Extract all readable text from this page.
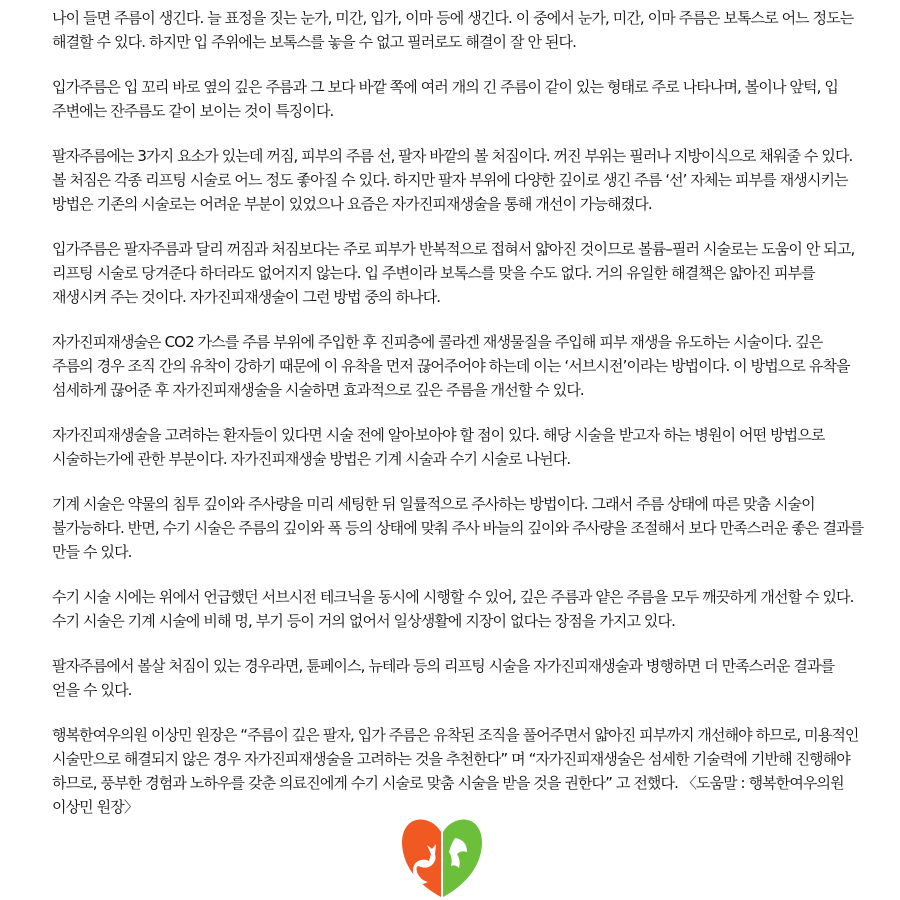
나이 들면 주름이 생긴다. 늘 표정을 짓는 눈가, 미간, 입가, 이마 등에 생긴다. 이 중에서 눈가, 미간, 이마 주름은 보톡스로 어느 정도는 해결할 수 있다. 하지만 입 주위에는 보톡스를 놓을 수 없고 필러로도 해결이 잘 안 된다.

입가주름은 입 꼬리 바로 옆의 깊은 주름과 그 보다 바깥 쪽에 여러 개의 긴 주름이 같이 있는 형태로 주로 나타나며, 볼이나 앞턱, 입 주변에는 잔주름도 같이 보이는 것이 특징이다.

팔자주름에는 3가지 요소가 있는데 꺼짐, 피부의 주름 선, 팔자 바깥의 볼 처짐이다. 꺼진 부위는 필러나 지방이식으로 채워줄 수 있다. 볼 처짐은 각종 리프팅 시술로 어느 정도 좋아질 수 있다. 하지만 팔자 부위에 다양한 깊이로 생긴 주름 ‘선’ 자체는 피부를 재생시키는 방법은 기존의 시술로는 어려운 부분이 있었으나 요즘은 자가진피재생술을 통해 개선이 가능해졌다.

입가주름은 팔자주름과 달리 꺼짐과 처짐보다는 주로 피부가 반복적으로 접혀서 얇아진 것이므로 볼륨–필러 시술로는 도움이 안 되고, 리프팅 시술로 당겨준다 하더라도 없어지지 않는다. 입 주변이라 보톡스를 맞을 수도 없다. 거의 유일한 해결책은 얇아진 피부를 재생시켜 주는 것이다. 자가진피재생술이 그런 방법 중의 하나다.

자가진피재생술은 CO2 가스를 주름 부위에 주입한 후 진피층에 콜라겐 재생물질을 주입해 피부 재생을 유도하는 시술이다. 깊은 주름의 경우 조직 간의 유착이 강하기 때문에 이 유착을 먼저 끊어주어야 하는데 이는 ‘서브시전’이라는 방법이다. 이 방법으로 유착을 섬세하게 끊어준 후 자가진피재생술을 시술하면 효과적으로 깊은 주름을 개선할 수 있다.

자가진피재생술을 고려하는 환자들이 있다면 시술 전에 알아보아야 할 점이 있다. 해당 시술을 받고자 하는 병원이 어떤 방법으로 시술하는가에 관한 부분이다. 자가진피재생술 방법은 기계 시술과 수기 시술로 나뉜다.

기계 시술은 약물의 침투 깊이와 주사량을 미리 세팅한 뒤 일률적으로 주사하는 방법이다. 그래서 주름 상태에 따른 맞춤 시술이 불가능하다. 반면, 수기 시술은 주름의 깊이와 폭 등의 상태에 맞춰 주사 바늘의 깊이와 주사량을 조절해서 보다 만족스러운 좋은 결과를 만들 수 있다.

수기 시술 시에는 위에서 언급했던 서브시전 테크닉을 동시에 시행할 수 있어, 깊은 주름과 얕은 주름을 모두 깨끗하게 개선할 수 있다. 수기 시술은 기계 시술에 비해 멍, 부기 등이 거의 없어서 일상생활에 지장이 없다는 장점을 가지고 있다.

팔자주름에서 볼살 처짐이 있는 경우라면, 튠페이스, 뉴테라 등의 리프팅 시술을 자가진피재생술과 병행하면 더 만족스러운 결과를 얻을 수 있다.

행복한여우의원 이상민 원장은 “주름이 깊은 팔자, 입가 주름은 유착된 조직을 풀어주면서 얇아진 피부까지 개선해야 하므로, 미용적인 시술만으로 해결되지 않은 경우 자가진피재생술을 고려하는 것을 추천한다” 며 “자가진피재생술은 섬세한 기술력에 기반해 진행해야 하므로, 풍부한 경험과 노하우를 갖춘 의료진에게 수기 시술로 맞춤 시술을 받을 것을 권한다” 고 전했다. 〈도움말 : 행복한여우의원 이상민 원장〉
